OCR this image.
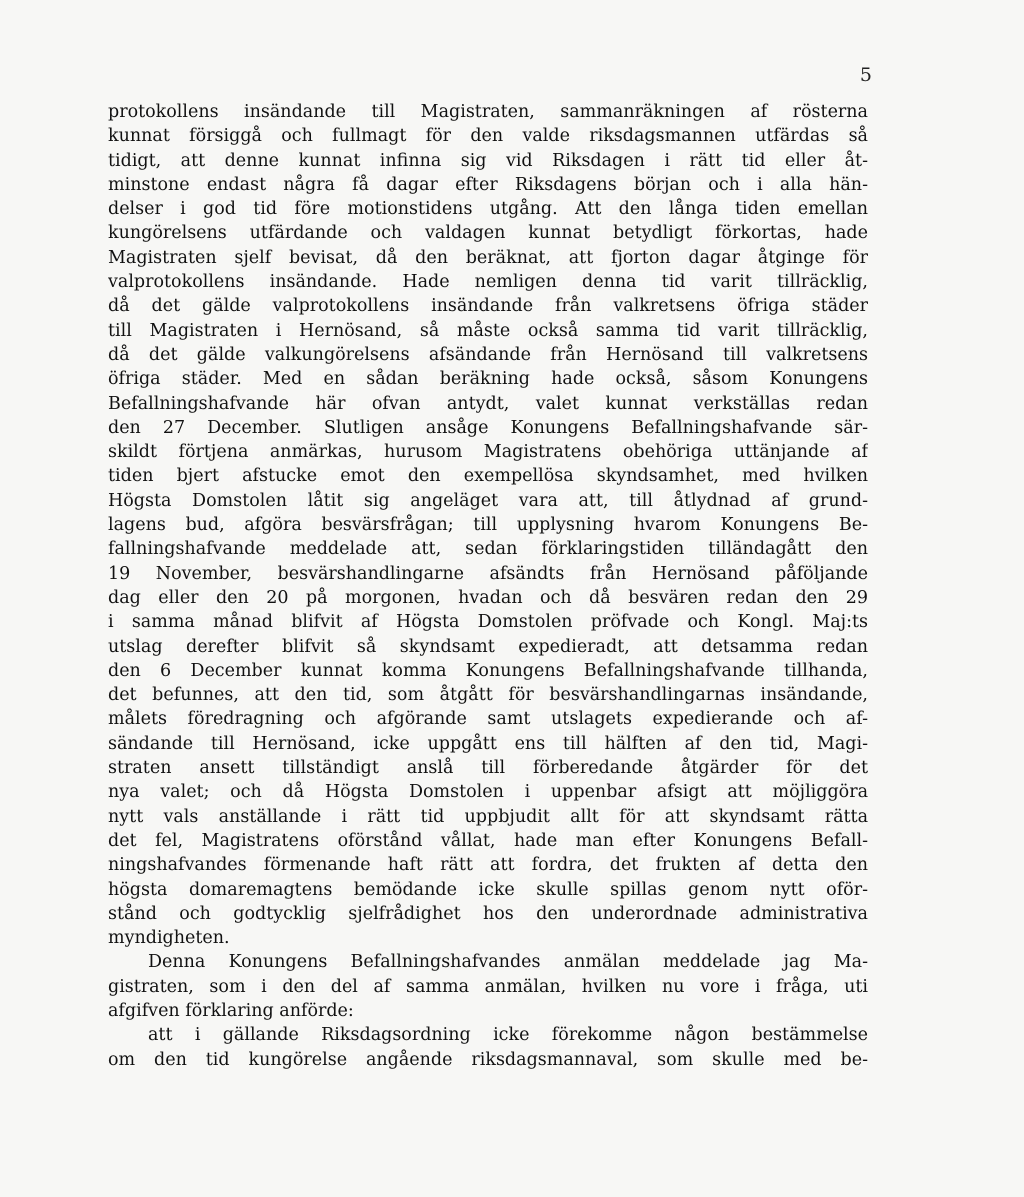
5
protokollens insändande till Magistraten, sammanräkningen af rösterna
kunnat försiggå och fullmagt för den valde riksdagsmannen utfärdas så
tidigt, att denne kunnat infinna sig vid Riksdagen i rätt tid eller åt-
minstone endast några få dagar efter Riksdagens början och i alla hän-
delser i god tid före motionstidens utgång. Att den långa tiden emellan
kungörelsens utfärdande och valdagen kunnat betydligt förkortas, hade
Magistraten sjelf bevisat, då den beräknat, att fjorton dagar åtginge för
valprotokollens insändande. Hade nemligen denna tid varit tillräcklig,
då det gälde valprotokollens insändande från valkretsens öfriga städer
till Magistraten i Hernösand, så måste också samma tid varit tillräcklig,
då det gälde valkungörelsens afsändande från Hernösand till valkretsens
öfriga städer. Med en sådan beräkning hade också, såsom Konungens
Befallningshafvande här ofvan antydt, valet kunnat verkställas redan
den 27 December. Slutligen ansåge Konungens Befallningshafvande sär-
skildt förtjena anmärkas, hurusom Magistratens obehöriga uttänjande af
tiden bjert afstucke emot den exempellösa skyndsamhet, med hvilken
Högsta Domstolen låtit sig angeläget vara att, till åtlydnad af grund-
lagens bud, afgöra besvärsfrågan; till upplysning hvarom Konungens Be-
fallningshafvande meddelade att, sedan förklaringstiden tilländagått den
19 November, besvärshandlingarne afsändts från Hernösand påföljande
dag eller den 20 på morgonen, hvadan och då besvären redan den 29
i samma månad blifvit af Högsta Domstolen pröfvade och Kongl. Maj:ts
utslag derefter blifvit så skyndsamt expedieradt, att detsamma redan
den 6 December kunnat komma Konungens Befallningshafvande tillhanda,
det befunnes, att den tid, som åtgått för besvärshandlingarnas insändande,
målets föredragning och afgörande samt utslagets expedierande och af-
sändande till Hernösand, icke uppgått ens till hälften af den tid, Magi-
straten ansett tillständigt anslå till förberedande åtgärder för det
nya valet; och då Högsta Domstolen i uppenbar afsigt att möjliggöra
nytt vals anställande i rätt tid uppbjudit allt för att skyndsamt rätta
det fel, Magistratens oförstånd vållat, hade man efter Konungens Befall-
ningshafvandes förmenande haft rätt att fordra, det frukten af detta den
högsta domaremagtens bemödande icke skulle spillas genom nytt oför-
stånd och godtycklig sjelfrådighet hos den underordnade administrativa
myndigheten.
Denna Konungens Befallningshafvandes anmälan meddelade jag Ma-
gistraten, som i den del af samma anmälan, hvilken nu vore i fråga, uti
afgifven förklaring anförde:
att i gällande Riksdagsordning icke förekomme någon bestämmelse
om den tid kungörelse angående riksdagsmannaval, som skulle med be-
